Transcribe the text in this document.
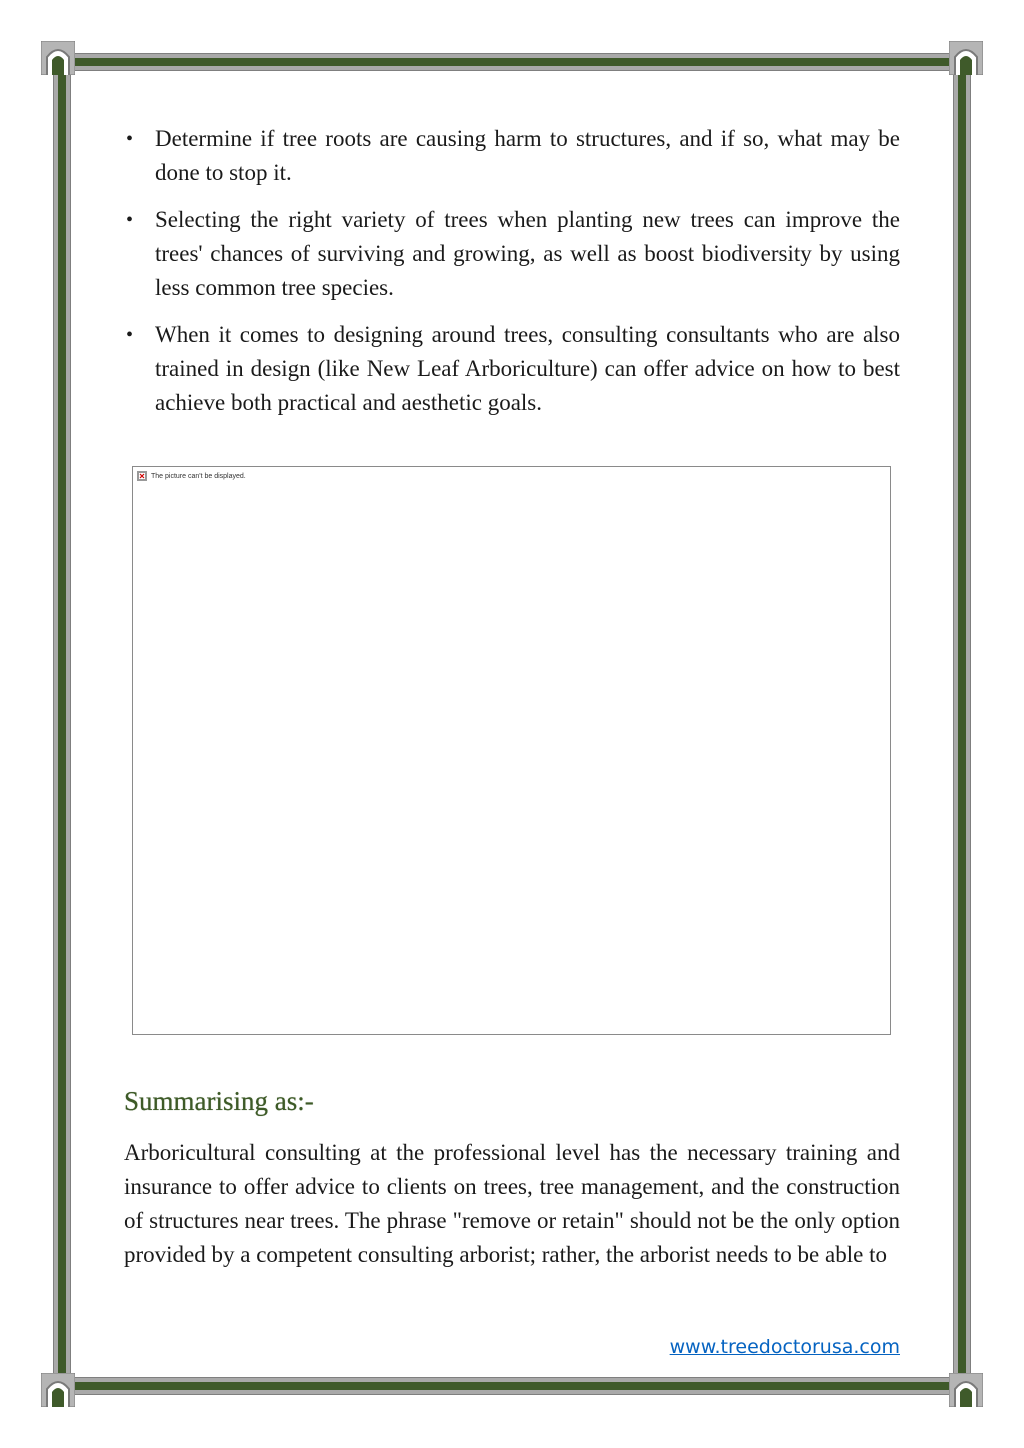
• Determine if tree roots are causing harm to structures, and if so, what may be done to stop it.
• Selecting the right variety of trees when planting new trees can improve the trees' chances of surviving and growing, as well as boost biodiversity by using less common tree species.
• When it comes to designing around trees, consulting consultants who are also trained in design (like New Leaf Arboriculture) can offer advice on how to best achieve both practical and aesthetic goals.
The picture can't be displayed.
Summarising as:-

Arboricultural consulting at the professional level has the necessary training and insurance to offer advice to clients on trees, tree management, and the construction of structures near trees. The phrase "remove or retain" should not be the only option provided by a competent consulting arborist; rather, the arborist needs to be able to

www.treedoctorusa.com
